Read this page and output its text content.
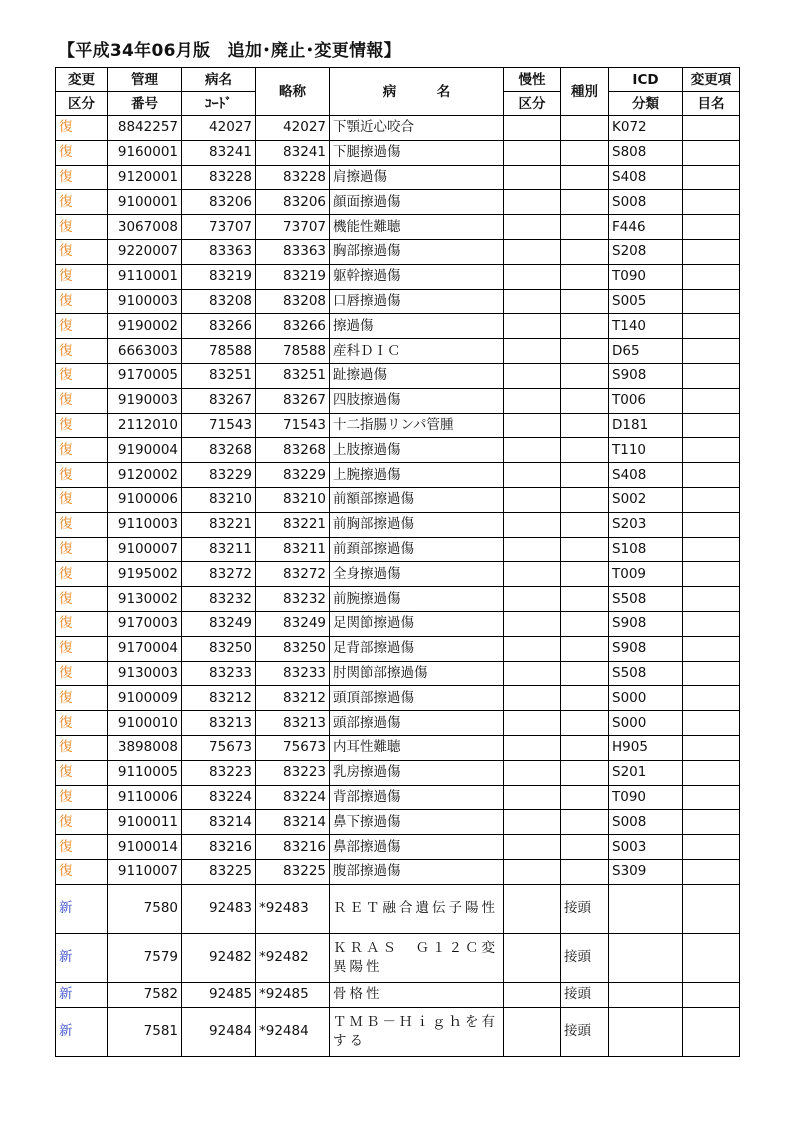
【平成34年06月版　追加･廃止･変更情報】
変更	管理	病名	略称	病　　　名	慢性	種別	ICD	変更項
区分	番号	ｺｰﾄﾞ			区分		分類	目名
復	8842257	42027	42027	下顎近心咬合			K072	
復	9160001	83241	83241	下腿擦過傷			S808	
復	9120001	83228	83228	肩擦過傷			S408	
復	9100001	83206	83206	顔面擦過傷			S008	
復	3067008	73707	73707	機能性難聴			F446	
復	9220007	83363	83363	胸部擦過傷			S208	
復	9110001	83219	83219	躯幹擦過傷			T090	
復	9100003	83208	83208	口唇擦過傷			S005	
復	9190002	83266	83266	擦過傷			T140	
復	6663003	78588	78588	産科ＤＩＣ			D65	
復	9170005	83251	83251	趾擦過傷			S908	
復	9190003	83267	83267	四肢擦過傷			T006	
復	2112010	71543	71543	十二指腸リンパ管腫			D181	
復	9190004	83268	83268	上肢擦過傷			T110	
復	9120002	83229	83229	上腕擦過傷			S408	
復	9100006	83210	83210	前額部擦過傷			S002	
復	9110003	83221	83221	前胸部擦過傷			S203	
復	9100007	83211	83211	前頚部擦過傷			S108	
復	9195002	83272	83272	全身擦過傷			T009	
復	9130002	83232	83232	前腕擦過傷			S508	
復	9170003	83249	83249	足関節擦過傷			S908	
復	9170004	83250	83250	足背部擦過傷			S908	
復	9130003	83233	83233	肘関節部擦過傷			S508	
復	9100009	83212	83212	頭頂部擦過傷			S000	
復	9100010	83213	83213	頭部擦過傷			S000	
復	3898008	75673	75673	内耳性難聴			H905	
復	9110005	83223	83223	乳房擦過傷			S201	
復	9110006	83224	83224	背部擦過傷			T090	
復	9100011	83214	83214	鼻下擦過傷			S008	
復	9100014	83216	83216	鼻部擦過傷			S003	
復	9110007	83225	83225	腹部擦過傷			S309	
新	7580	92483	*92483	ＲＥＴ融合遺伝子陽性		接頭		
新	7579	92482	*92482	ＫＲＡＳ　Ｇ１２Ｃ変異陽性		接頭		
新	7582	92485	*92485	骨格性		接頭		
新	7581	92484	*92484	ＴＭＢ－Ｈｉｇｈを有する		接頭		
